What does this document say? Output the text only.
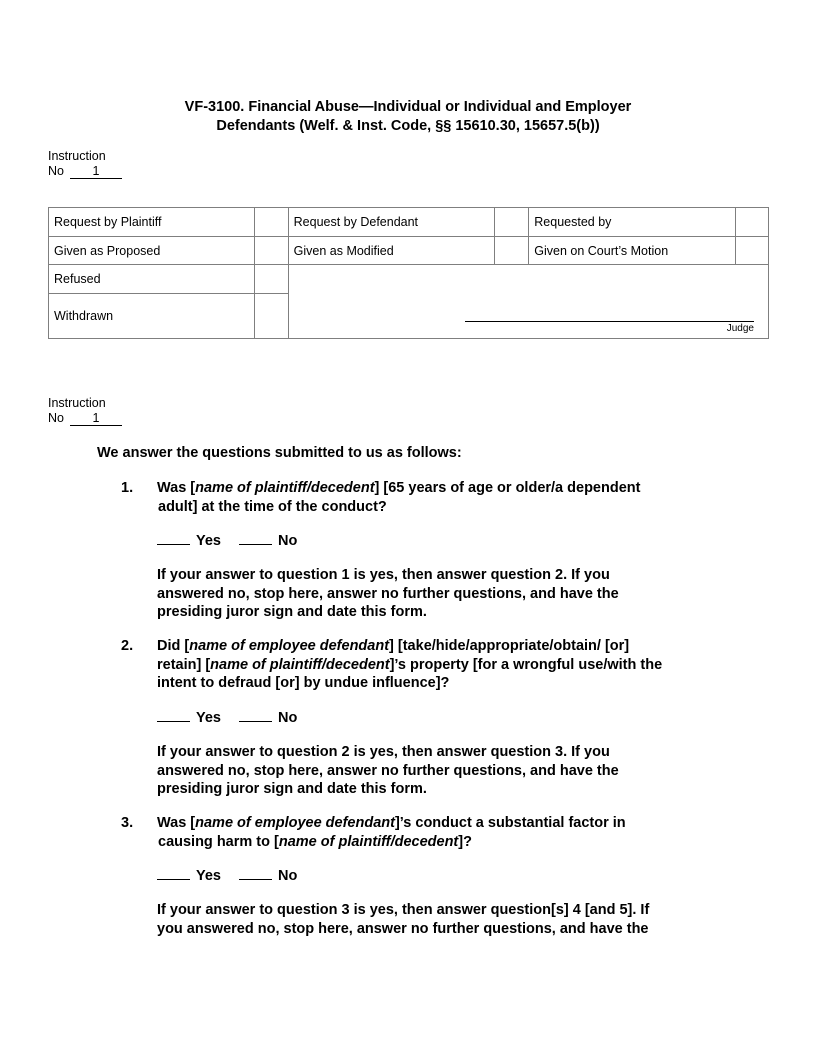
VF-3100. Financial Abuse—Individual or Individual and Employer
Defendants (Welf. & Inst. Code, §§ 15610.30, 15657.5(b))
Instruction
No 1
Request by Plaintiff		Request by Defendant		Requested by	
Given as Proposed		Given as Modified		Given on Court’s Motion	
Refused		Judge			

Withdrawn					
Instruction
No 1
We answer the questions submitted to us as follows:
1. Was [name of plaintiff/decedent] [65 years of age or older/a dependent
adult] at the time of the conduct?
Yes	No
If your answer to question 1 is yes, then answer question 2. If you
answered no, stop here, answer no further questions, and have the
presiding juror sign and date this form.
2. Did [name of employee defendant] [take/hide/appropriate/obtain/ [or]
retain] [name of plaintiff/decedent]’s property [for a wrongful use/with the
intent to defraud [or] by undue influence]?
Yes	No
If your answer to question 2 is yes, then answer question 3. If you
answered no, stop here, answer no further questions, and have the
presiding juror sign and date this form.
3. Was [name of employee defendant]’s conduct a substantial factor in
causing harm to [name of plaintiff/decedent]?
Yes	No
If your answer to question 3 is yes, then answer question[s] 4 [and 5]. If
you answered no, stop here, answer no further questions, and have the
